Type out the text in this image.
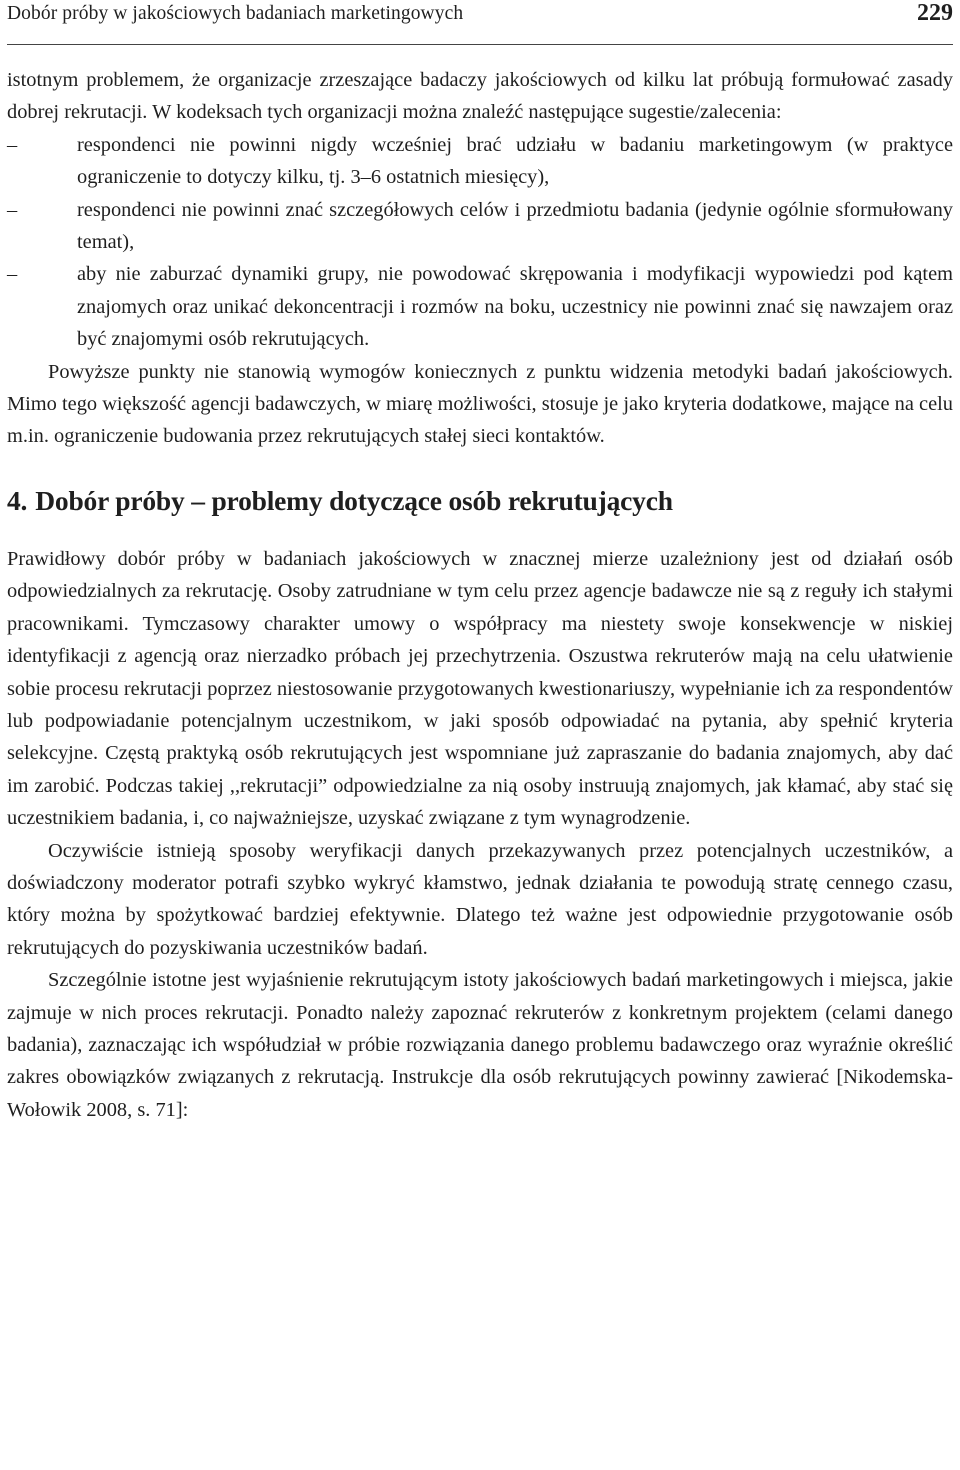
Dobór próby w jakościowych badaniach marketingowych	229

istotnym problemem, że organizacje zrzeszające badaczy jakościowych od kilku lat próbują formułować zasady dobrej rekrutacji. W kodeksach tych organizacji można znaleźć następujące sugestie/zalecenia:

–	respondenci nie powinni nigdy wcześniej brać udziału w badaniu marketingowym (w praktyce ograniczenie to dotyczy kilku, tj. 3–6 ostatnich miesięcy),
–	respondenci nie powinni znać szczegółowych celów i przedmiotu badania (jedynie ogólnie sformułowany temat),
–	aby nie zaburzać dynamiki grupy, nie powodować skrępowania i modyfikacji wypowiedzi pod kątem znajomych oraz unikać dekoncentracji i rozmów na boku, uczestnicy nie powinni znać się nawzajem oraz być znajomymi osób rekrutujących.

Powyższe punkty nie stanowią wymogów koniecznych z punktu widzenia metodyki badań jakościowych. Mimo tego większość agencji badawczych, w miarę możliwości, stosuje je jako kryteria dodatkowe, mające na celu m.in. ograniczenie budowania przez rekrutujących stałej sieci kontaktów.

4. Dobór próby – problemy dotyczące osób rekrutujących

Prawidłowy dobór próby w badaniach jakościowych w znacznej mierze uzależniony jest od działań osób odpowiedzialnych za rekrutację. Osoby zatrudniane w tym celu przez agencje badawcze nie są z reguły ich stałymi pracownikami. Tymczasowy charakter umowy o współpracy ma niestety swoje konsekwencje w niskiej identyfikacji z agencją oraz nierzadko próbach jej przechytrzenia. Oszustwa rekruterów mają na celu ułatwienie sobie procesu rekrutacji poprzez niestosowanie przygotowanych kwestionariuszy, wypełnianie ich za respondentów lub podpowiadanie potencjalnym uczestnikom, w jaki sposób odpowiadać na pytania, aby spełnić kryteria selekcyjne. Częstą praktyką osób rekrutujących jest wspomniane już zapraszanie do badania znajomych, aby dać im zarobić. Podczas takiej ,,rekrutacji” odpowiedzialne za nią osoby instruują znajomych, jak kłamać, aby stać się uczestnikiem badania, i, co najważniejsze, uzyskać związane z tym wynagrodzenie.

Oczywiście istnieją sposoby weryfikacji danych przekazywanych przez potencjalnych uczestników, a doświadczony moderator potrafi szybko wykryć kłamstwo, jednak działania te powodują stratę cennego czasu, który można by spożytkować bardziej efektywnie. Dlatego też ważne jest odpowiednie przygotowanie osób rekrutujących do pozyskiwania uczestników badań.

Szczególnie istotne jest wyjaśnienie rekrutującym istoty jakościowych badań marketingowych i miejsca, jakie zajmuje w nich proces rekrutacji. Ponadto należy zapoznać rekruterów z konkretnym projektem (celami danego badania), zaznaczając ich współudział w próbie rozwiązania danego problemu badawczego oraz wyraźnie określić zakres obowiązków związanych z rekrutacją. Instrukcje dla osób rekrutujących powinny zawierać [Nikodemska-Wołowik 2008, s. 71]:
